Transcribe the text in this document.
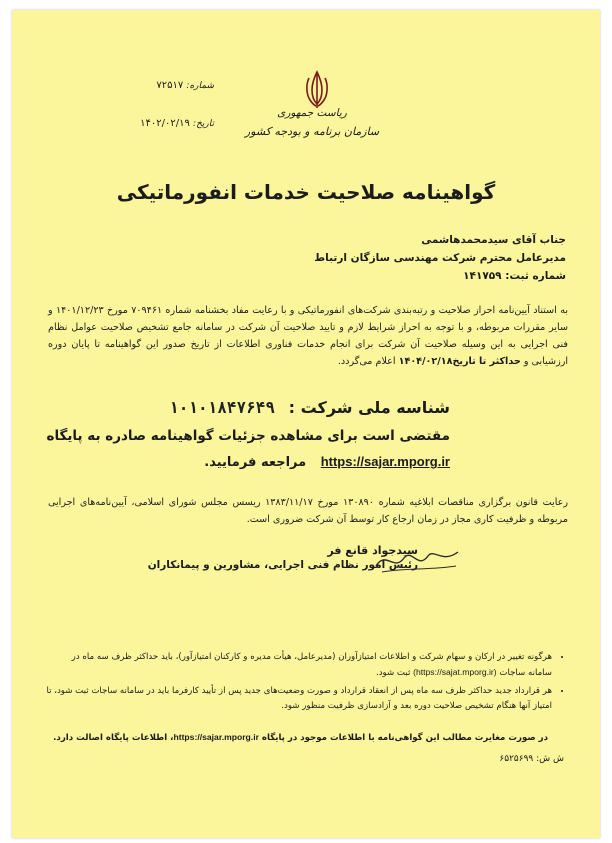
ریاست جمهوری
سازمان برنامه و بودجه کشور
شماره: ۷۲۵۱۷
تاریخ: ۱۴۰۲/۰۲/۱۹
گواهینامه صلاحیت خدمات انفورماتیکی
جناب آقای سیدمحمدهاشمی
مدیرعامل محترم شرکت مهندسی سازگان ارتباط
شماره ثبت: ۱۴۱۷۵۹

به استناد آیین‌نامه احراز صلاحیت و رتبه‌بندی شرکت‌های انفورماتیکی و با رعایت مفاد بخشنامه شماره ۷۰۹۴۶۱ مورخ ۱۴۰۱/۱۲/۲۳ و سایر مقررات مربوطه، و با توجه به احراز شرایط لازم و تایید صلاحیت آن شرکت در سامانه جامع تشخیص صلاحیت عوامل نظام فنی اجرایی به این وسیله صلاحیت آن شرکت برای انجام خدمات فناوری اطلاعات از تاریخ صدور این گواهینامه تا پایان دوره ارزشیابی و حداکثر تا تاریخ۱۴۰۴/۰۲/۱۸ اعلام می‌گردد.

شناسه ملی شرکت : ۱۰۱۰۱۸۴۷۶۴۹
مقتضی است برای مشاهده جزئیات گواهینامه صادره به پایگاه
https://sajar.mporg.ir مراجعه فرمایید.
رعایت قانون برگزاری مناقصات ابلاغیه شماره ۱۳۰۸۹۰ مورخ ۱۳۸۳/۱۱/۱۷ ریسس مجلس شورای اسلامی، آیین‌نامه‌های اجرایی مربوطه و ظرفیت کاری مجاز در زمان ارجاع کار توسط آن شرکت ضروری است.
سیدجواد قانع فر
رئیس امور نظام فنی اجرایی، مشاورین و پیمانکاران
• هرگونه تغییر در ارکان و سهام شرکت و اطلاعات امتیازآوران (مدیرعامل، هیأت مدیره و کارکنان امتیازآور)، باید حداکثر ظرف سه ماه در سامانه ساجات (https://sajat.mporg.ir) ثبت شود.
• هر قرارداد جدید حداکثر ظرف سه ماه پس از انعقاد قرارداد و صورت وضعیت‌های جدید پس از تأیید کارفرما باید در سامانه ساجات ثبت شود، تا امتیاز آنها هنگام تشخیص صلاحیت دوره بعد و آزادسازی ظرفیت منظور شود.
در صورت مغایرت مطالب این گواهی‌نامه با اطلاعات موجود در پایگاه https://sajar.mporg.ir، اطلاعات پایگاه اصالت دارد.
ش ش: ۶۵۲۵۶۹۹
